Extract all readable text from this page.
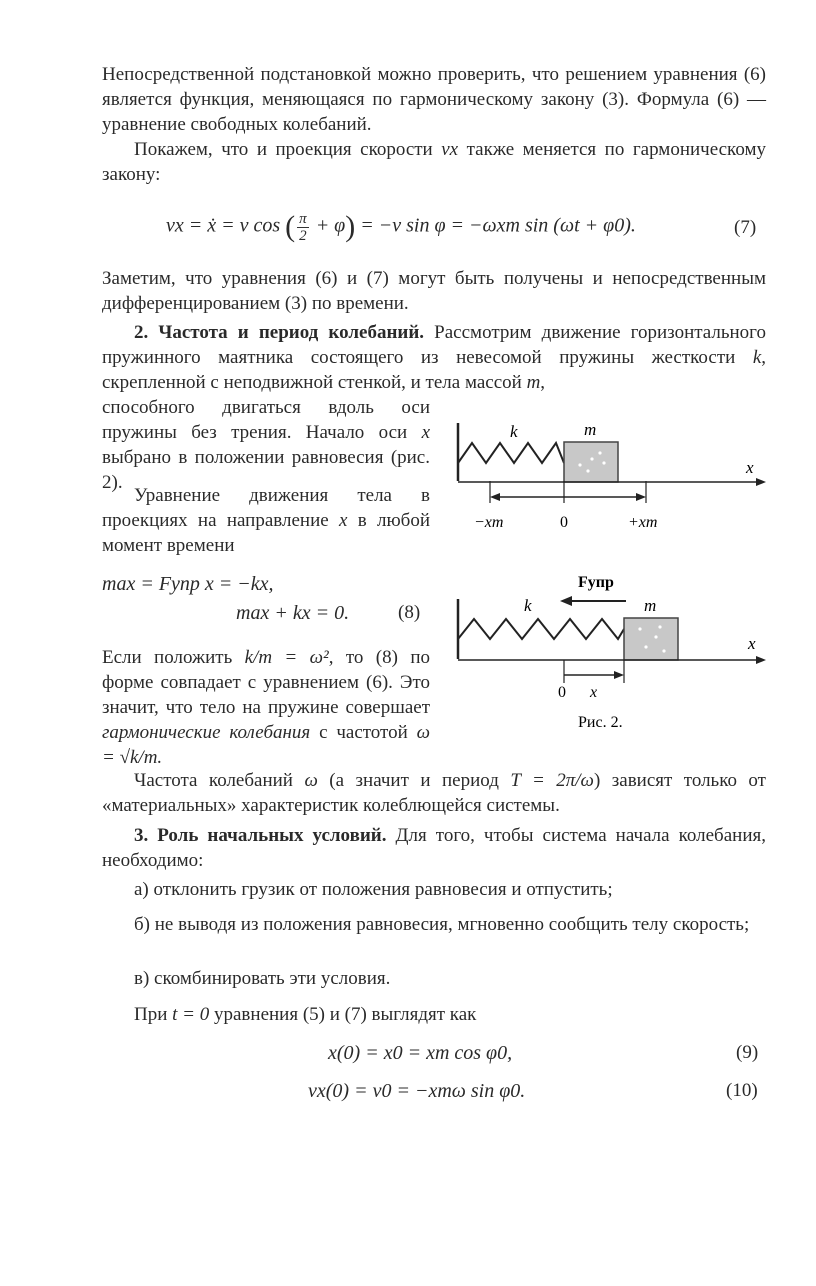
Непосредственной подстановкой можно проверить, что решением уравнения (6) является функция, меняющаяся по гармоническому закону (3). Формула (6) — уравнение свободных колебаний.
Покажем, что и проекция скорости vx также меняется по гармоническому закону:
vx = ẋ = v cos ( $\frac{\pi}{2} + \varphi) = -v$ sin φ = −ωxm sin (ωt + φ0).	(7)
Заметим, что уравнения (6) и (7) могут быть получены и непосредственным дифференцированием (3) по времени.
2. Частота и период колебаний. Рассмотрим движение горизонтального пружинного маятника состоящего из невесомой пружины жесткости k, скрепленной с неподвижной стенкой, и тела массой m,
способного двигаться вдоль оси пружины без трения. Начало оси x выбрано в положении равновесия (рис. 2).
Уравнение движения тела в проекциях на направление x в любой момент времени
max = Fупр x = −kx,
max + kx = 0.	(8)
Если положить k/m = ω², то (8) по форме совпадает с уравнением (6). Это значит, что тело на пружине совершает гармонические колебания с частотой ω = √k/m.
x
k	m
−xm	0	+xm
Fупр
k	m
x
0 x
Рис. 2.
Частота колебаний ω (а значит и период T = 2π/ω) зависят только от «материальных» характеристик колеблющейся системы.
3. Роль начальных условий. Для того, чтобы система начала колебания, необходимо:
а) отклонить грузик от положения равновесия и отпустить;
б) не выводя из положения равновесия, мгновенно сообщить телу скорость;
в) скомбинировать эти условия.
При t = 0 уравнения (5) и (7) выглядят как
x(0) = x0 = xm cos φ0,	(9)
vx(0) = v0 = −xmω sin φ0.	(10)
